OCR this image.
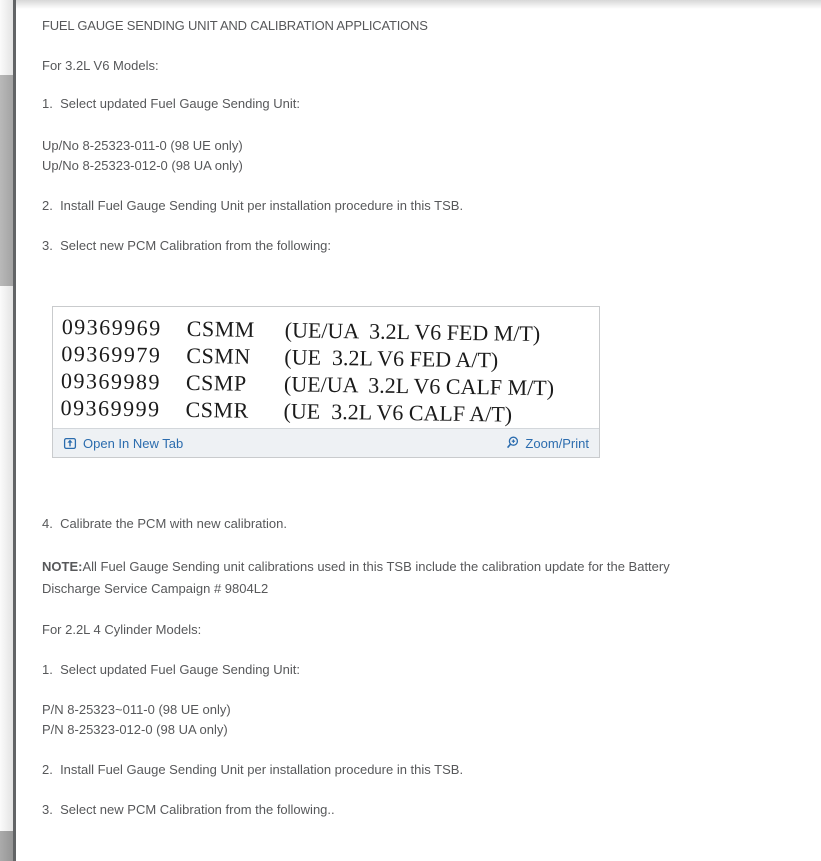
FUEL GAUGE SENDING UNIT AND CALIBRATION APPLICATIONS
For 3.2L V6 Models:
1.  Select updated Fuel Gauge Sending Unit:
Up/No 8-25323-011-0 (98 UE only)
Up/No 8-25323-012-0 (98 UA only)
2.  Install Fuel Gauge Sending Unit per installation procedure in this TSB.
3.  Select new PCM Calibration from the following:
09369969	CSMM	(UE/UA  3.2L V6 FED M/T)
09369979	CSMN	(UE  3.2L V6 FED A/T)
09369989	CSMP	(UE/UA  3.2L V6 CALF M/T)
09369999	CSMR	(UE  3.2L V6 CALF A/T)
Open In New Tab	Zoom/Print
4.  Calibrate the PCM with new calibration.
NOTE:All Fuel Gauge Sending unit calibrations used in this TSB include the calibration update for the Battery Discharge Service Campaign # 9804L2
For 2.2L 4 Cylinder Models:
1.  Select updated Fuel Gauge Sending Unit:
P/N 8-25323~011-0 (98 UE only)
P/N 8-25323-012-0 (98 UA only)
2.  Install Fuel Gauge Sending Unit per installation procedure in this TSB.
3.  Select new PCM Calibration from the following..
